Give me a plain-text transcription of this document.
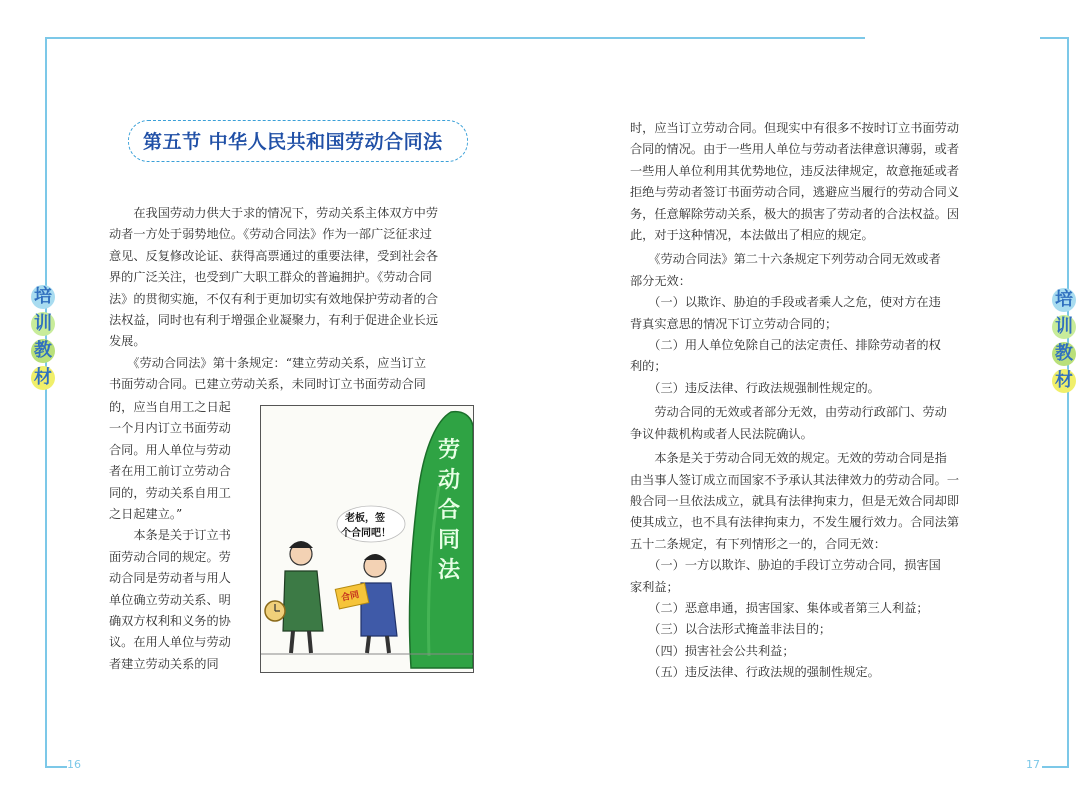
第五节 中华人民共和国劳动合同法
培
训
教
材
培
训
教
材
　　在我国劳动力供大于求的情况下，劳动关系主体双方中劳
动者一方处于弱势地位。《劳动合同法》作为一部广泛征求过
意见、反复修改论证、获得高票通过的重要法律，受到社会各
界的广泛关注，也受到广大职工群众的普遍拥护。《劳动合同
法》的贯彻实施，不仅有利于更加切实有效地保护劳动者的合
法权益，同时也有利于增强企业凝聚力，有利于促进企业长远
发展。
　　《劳动合同法》第十条规定：“建立劳动关系，应当订立
书面劳动合同。已建立劳动关系，未同时订立书面劳动合同
的，应当自用工之日起
一个月内订立书面劳动
合同。用人单位与劳动
者在用工前订立劳动合
同的，劳动关系自用工
之日起建立。”
　　本条是关于订立书
面劳动合同的规定。劳
动合同是劳动者与用人
单位确立劳动关系、明
确双方权利和义务的协
议。在用人单位与劳动
者建立劳动关系的同
劳动合同法
老板，签
个合同吧！
合同
时，应当订立劳动合同。但现实中有很多不按时订立书面劳动
合同的情况。由于一些用人单位与劳动者法律意识薄弱，或者
一些用人单位利用其优势地位，违反法律规定，故意拖延或者
拒绝与劳动者签订书面劳动合同，逃避应当履行的劳动合同义
务，任意解除劳动关系，极大的损害了劳动者的合法权益。因
此，对于这种情况，本法做出了相应的规定。
　　《劳动合同法》第二十六条规定下列劳动合同无效或者
部分无效：
　　（一）以欺诈、胁迫的手段或者乘人之危，使对方在违
背真实意思的情况下订立劳动合同的；
　　（二）用人单位免除自己的法定责任、排除劳动者的权
利的；
　　（三）违反法律、行政法规强制性规定的。
　　劳动合同的无效或者部分无效，由劳动行政部门、劳动
争议仲裁机构或者人民法院确认。
　　本条是关于劳动合同无效的规定。无效的劳动合同是指
由当事人签订成立而国家不予承认其法律效力的劳动合同。一
般合同一旦依法成立，就具有法律拘束力，但是无效合同却即
使其成立，也不具有法律拘束力，不发生履行效力。合同法第
五十二条规定，有下列情形之一的，合同无效：
　　（一）一方以欺诈、胁迫的手段订立劳动合同，损害国
家利益；
　　（二）恶意串通，损害国家、集体或者第三人利益；
　　（三）以合法形式掩盖非法目的；
　　（四）损害社会公共利益；
　　（五）违反法律、行政法规的强制性规定。
16	17
